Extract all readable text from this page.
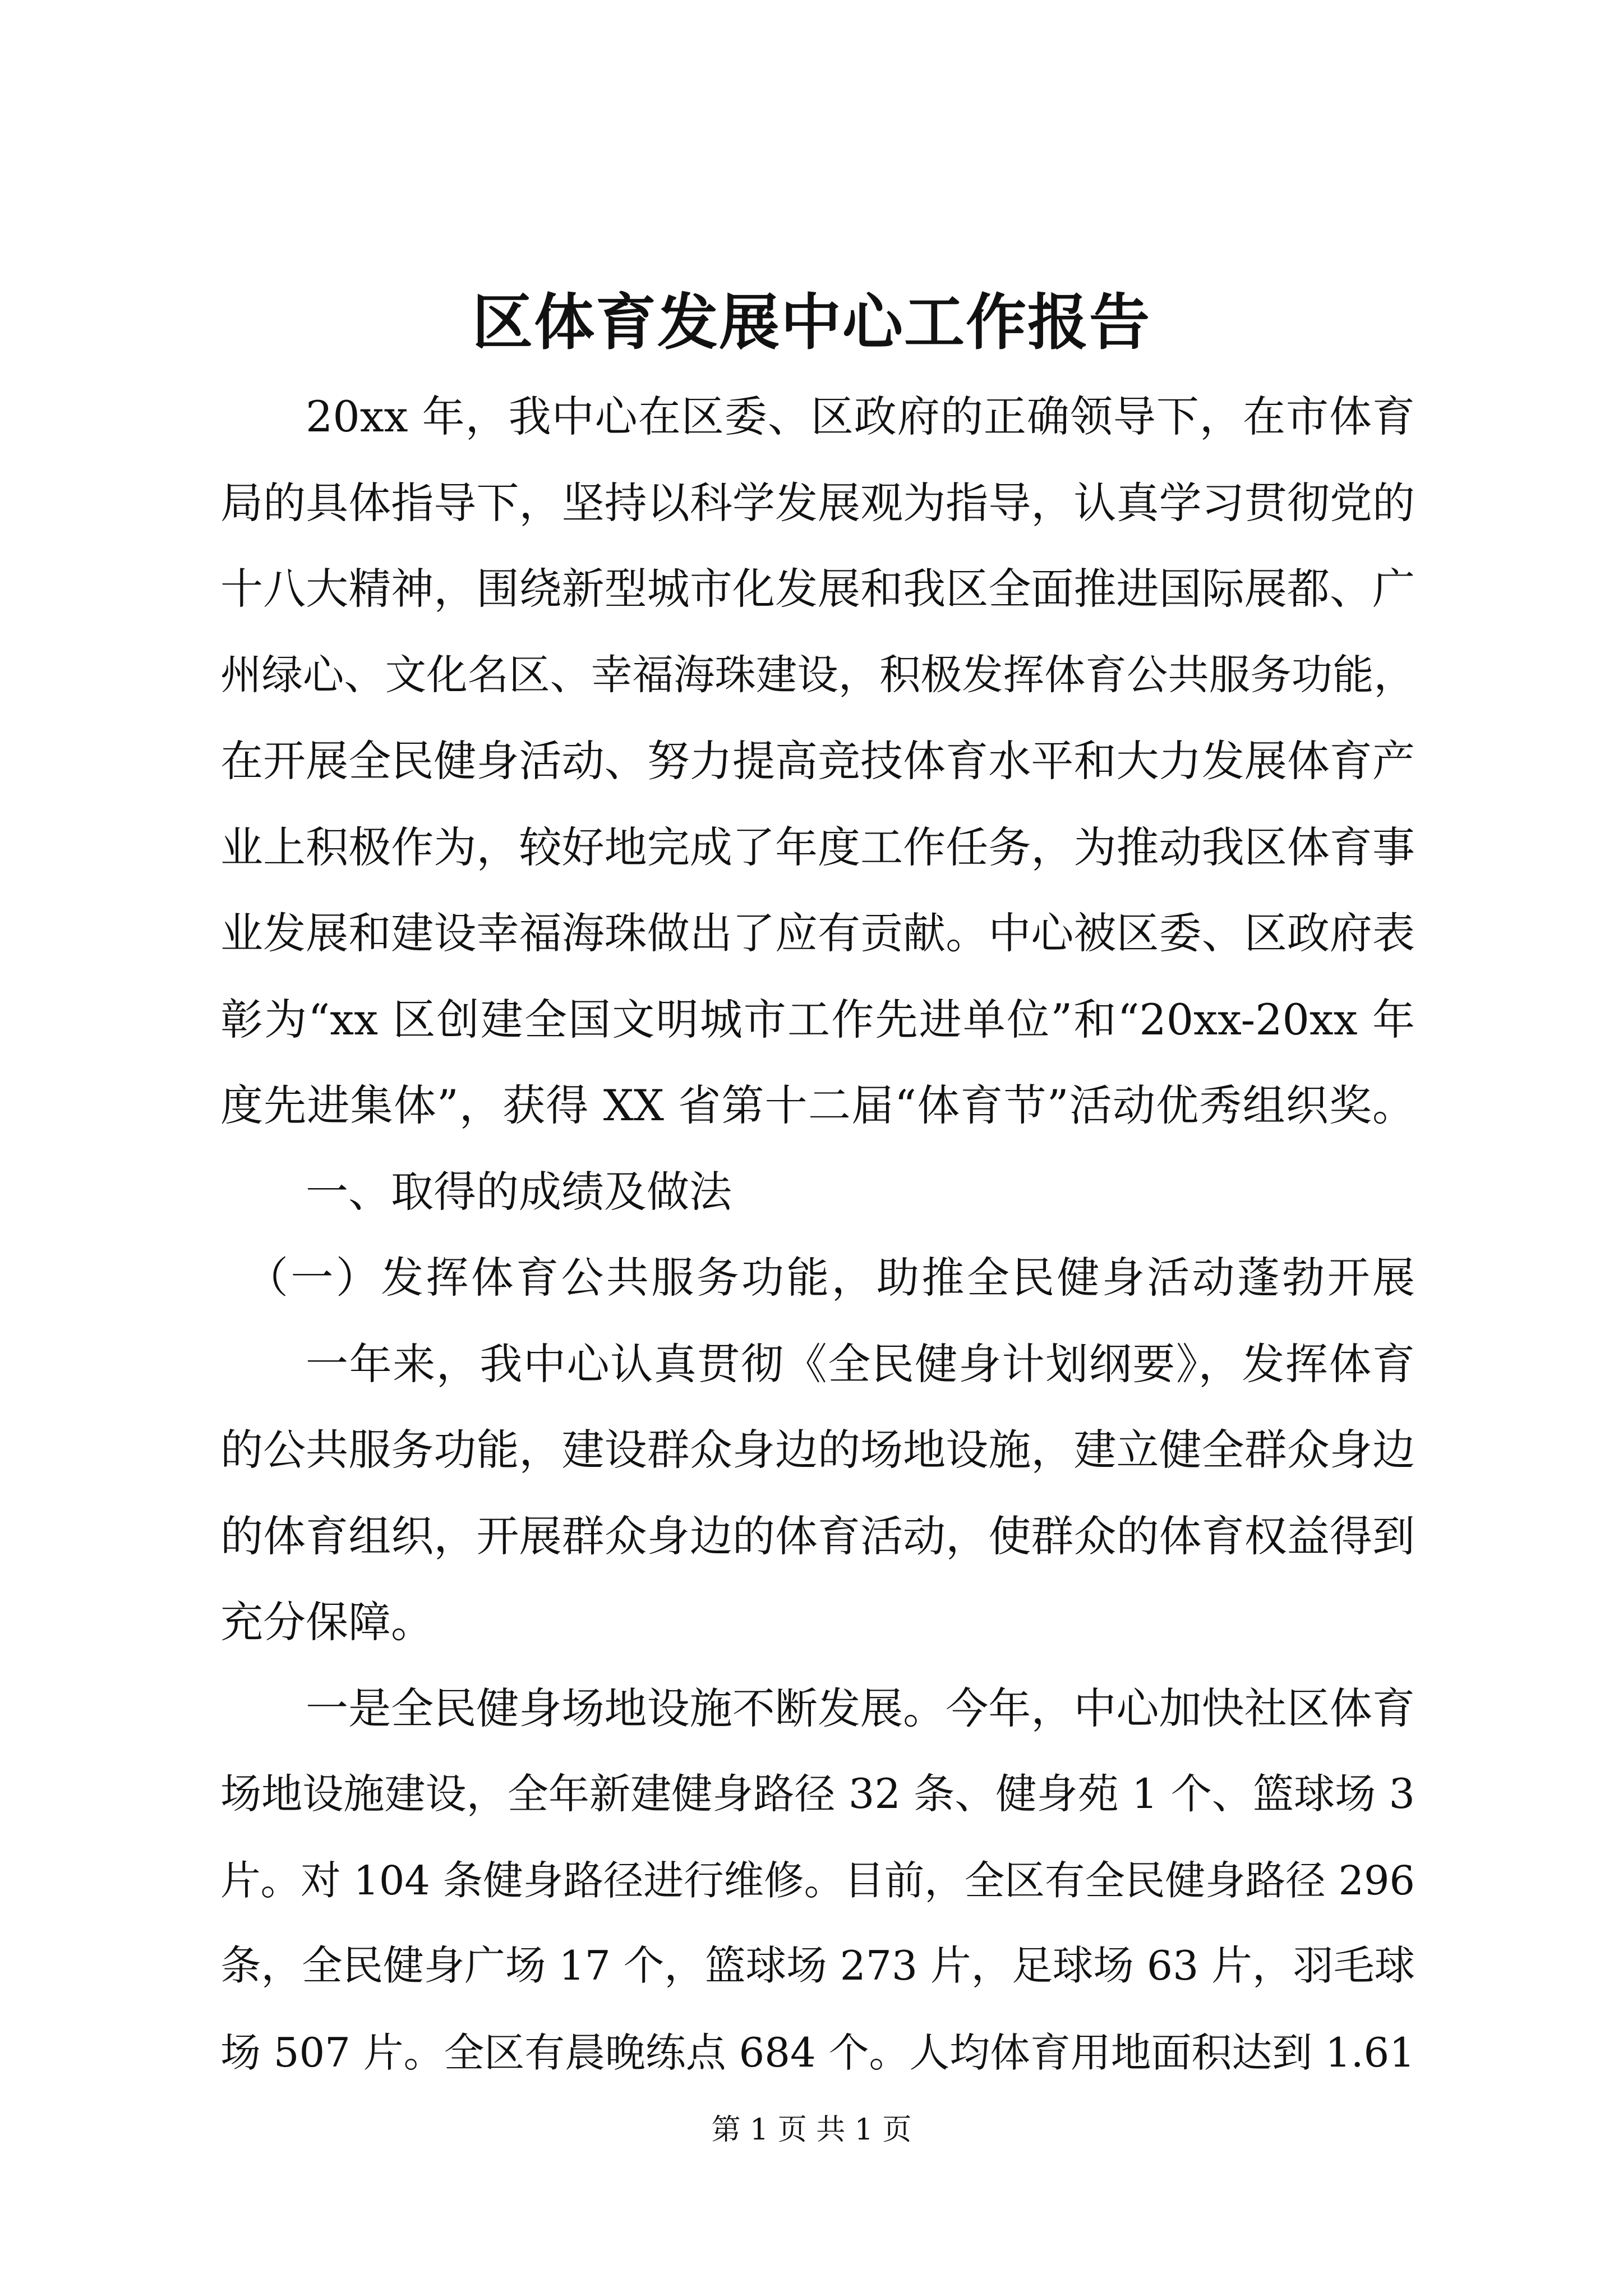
区体育发展中心工作报告
20xx 年，我中心在区委、区政府的正确领导下，在市体育
局的具体指导下，坚持以科学发展观为指导，认真学习贯彻党的
十八大精神，围绕新型城市化发展和我区全面推进国际展都、广
州绿心、文化名区、幸福海珠建设，积极发挥体育公共服务功能，
在开展全民健身活动、努力提高竞技体育水平和大力发展体育产
业上积极作为，较好地完成了年度工作任务，为推动我区体育事
业发展和建设幸福海珠做出了应有贡献。中心被区委、区政府表
彰为“xx 区创建全国文明城市工作先进单位”和“20xx-20xx 年
度先进集体”，获得 XX 省第十二届“体育节”活动优秀组织奖。
一、取得的成绩及做法
（一）发挥体育公共服务功能，助推全民健身活动蓬勃开展
一年来，我中心认真贯彻《全民健身计划纲要》，发挥体育
的公共服务功能，建设群众身边的场地设施，建立健全群众身边
的体育组织，开展群众身边的体育活动，使群众的体育权益得到
充分保障。
一是全民健身场地设施不断发展。今年，中心加快社区体育
场地设施建设，全年新建健身路径 32 条、健身苑 1 个、篮球场 3
片。对 104 条健身路径进行维修。目前，全区有全民健身路径 296
条，全民健身广场 17 个，篮球场 273 片，足球场 63 片，羽毛球
场 507 片。全区有晨晚练点 684 个。人均体育用地面积达到 1.61
第 1 页 共 1 页
